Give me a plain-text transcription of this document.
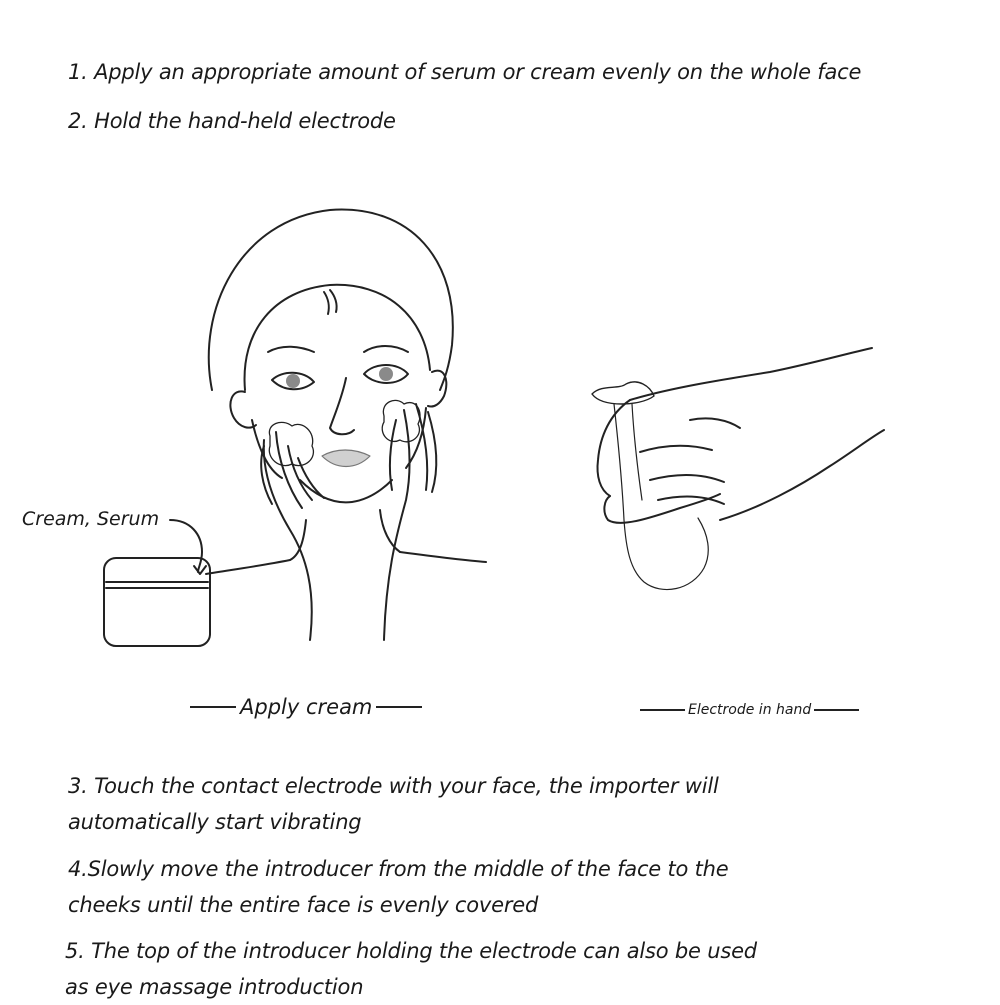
1. Apply an appropriate amount of serum or cream evenly on the whole face
2. Hold the hand-held electrode
Cream, Serum
Apply cream	Electrode in hand
3. Touch the contact electrode with your face, the importer will
automatically start vibrating
4.Slowly move the introducer from the middle of the face to the
cheeks until the entire face is evenly covered
5. The top of the introducer holding the electrode can also be used
as eye massage introduction
